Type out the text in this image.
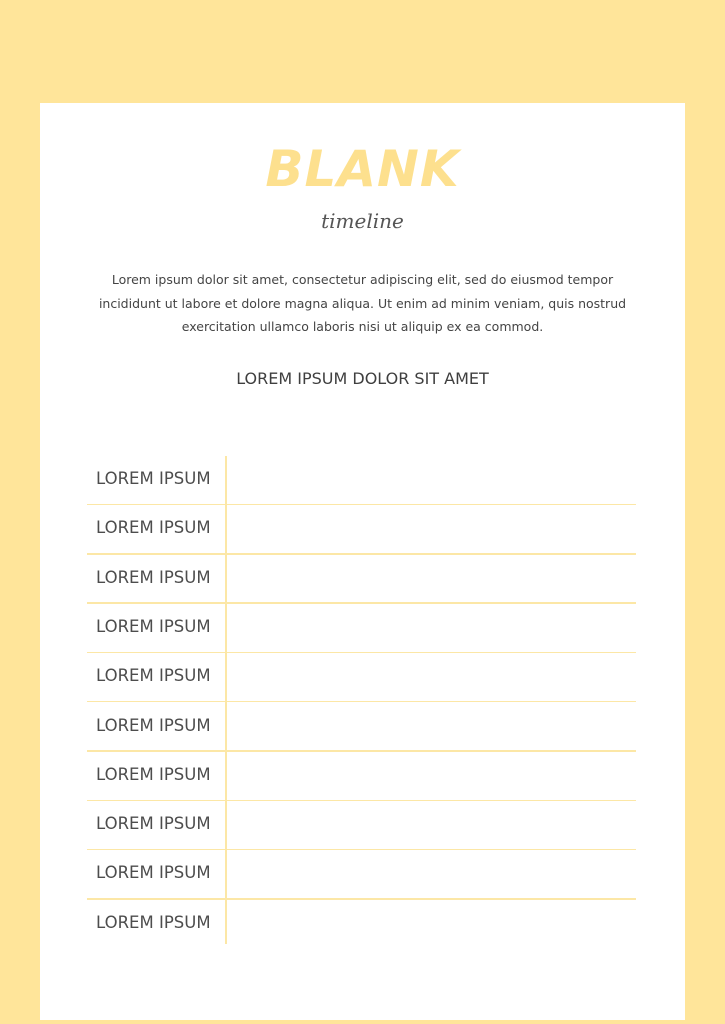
BLANK
timeline
Lorem ipsum dolor sit amet, consectetur adipiscing elit, sed do eiusmod tempor incididunt ut labore et dolore magna aliqua. Ut enim ad minim veniam, quis nostrud exercitation ullamco laboris nisi ut aliquip ex ea commod.
LOREM IPSUM DOLOR SIT AMET
LOREM IPSUM
LOREM IPSUM
LOREM IPSUM
LOREM IPSUM
LOREM IPSUM
LOREM IPSUM
LOREM IPSUM
LOREM IPSUM
LOREM IPSUM
LOREM IPSUM
